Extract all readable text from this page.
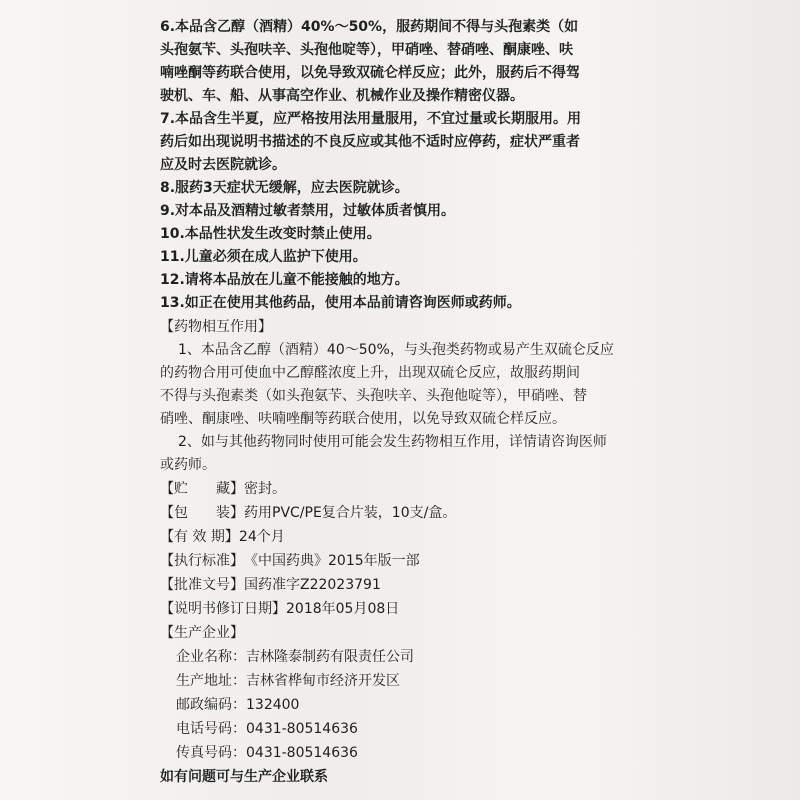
6.本品含乙醇（酒精）40%～50%，服药期间不得与头孢素类（如
头孢氨苄、头孢呋辛、头孢他啶等），甲硝唑、替硝唑、酮康唑、呋
喃唑酮等药联合使用，以免导致双硫仑样反应；此外，服药后不得驾
驶机、车、船、从事高空作业、机械作业及操作精密仪器。
7.本品含生半夏，应严格按用法用量服用，不宜过量或长期服用。用
药后如出现说明书描述的不良反应或其他不适时应停药，症状严重者
应及时去医院就诊。
8.服药3天症状无缓解，应去医院就诊。
9.对本品及酒精过敏者禁用，过敏体质者慎用。
10.本品性状发生改变时禁止使用。
11.儿童必须在成人监护下使用。
12.请将本品放在儿童不能接触的地方。
13.如正在使用其他药品，使用本品前请咨询医师或药师。
【药物相互作用】
1、本品含乙醇（酒精）40～50%，与头孢类药物或易产生双硫仑反应
的药物合用可使血中乙醇醛浓度上升，出现双硫仑反应，故服药期间
不得与头孢素类（如头孢氨苄、头孢呋辛、头孢他啶等），甲硝唑、替
硝唑、酮康唑、呋喃唑酮等药联合使用，以免导致双硫仑样反应。
2、如与其他药物同时使用可能会发生药物相互作用，详情请咨询医师
或药师。
【贮　　藏】 密封。
【包　　装】 药用PVC/PE复合片装，10支/盒。
【有 效 期】 24个月
【执行标准】 《中国药典》2015年版一部
【批准文号】 国药准字Z22023791
【说明书修订日期】 2018年05月08日
【生产企业】
企业名称： 吉林隆泰制药有限责任公司
生产地址： 吉林省桦甸市经济开发区
邮政编码： 132400
电话号码： 0431-80514636
传真号码： 0431-80514636
如有问题可与生产企业联系
